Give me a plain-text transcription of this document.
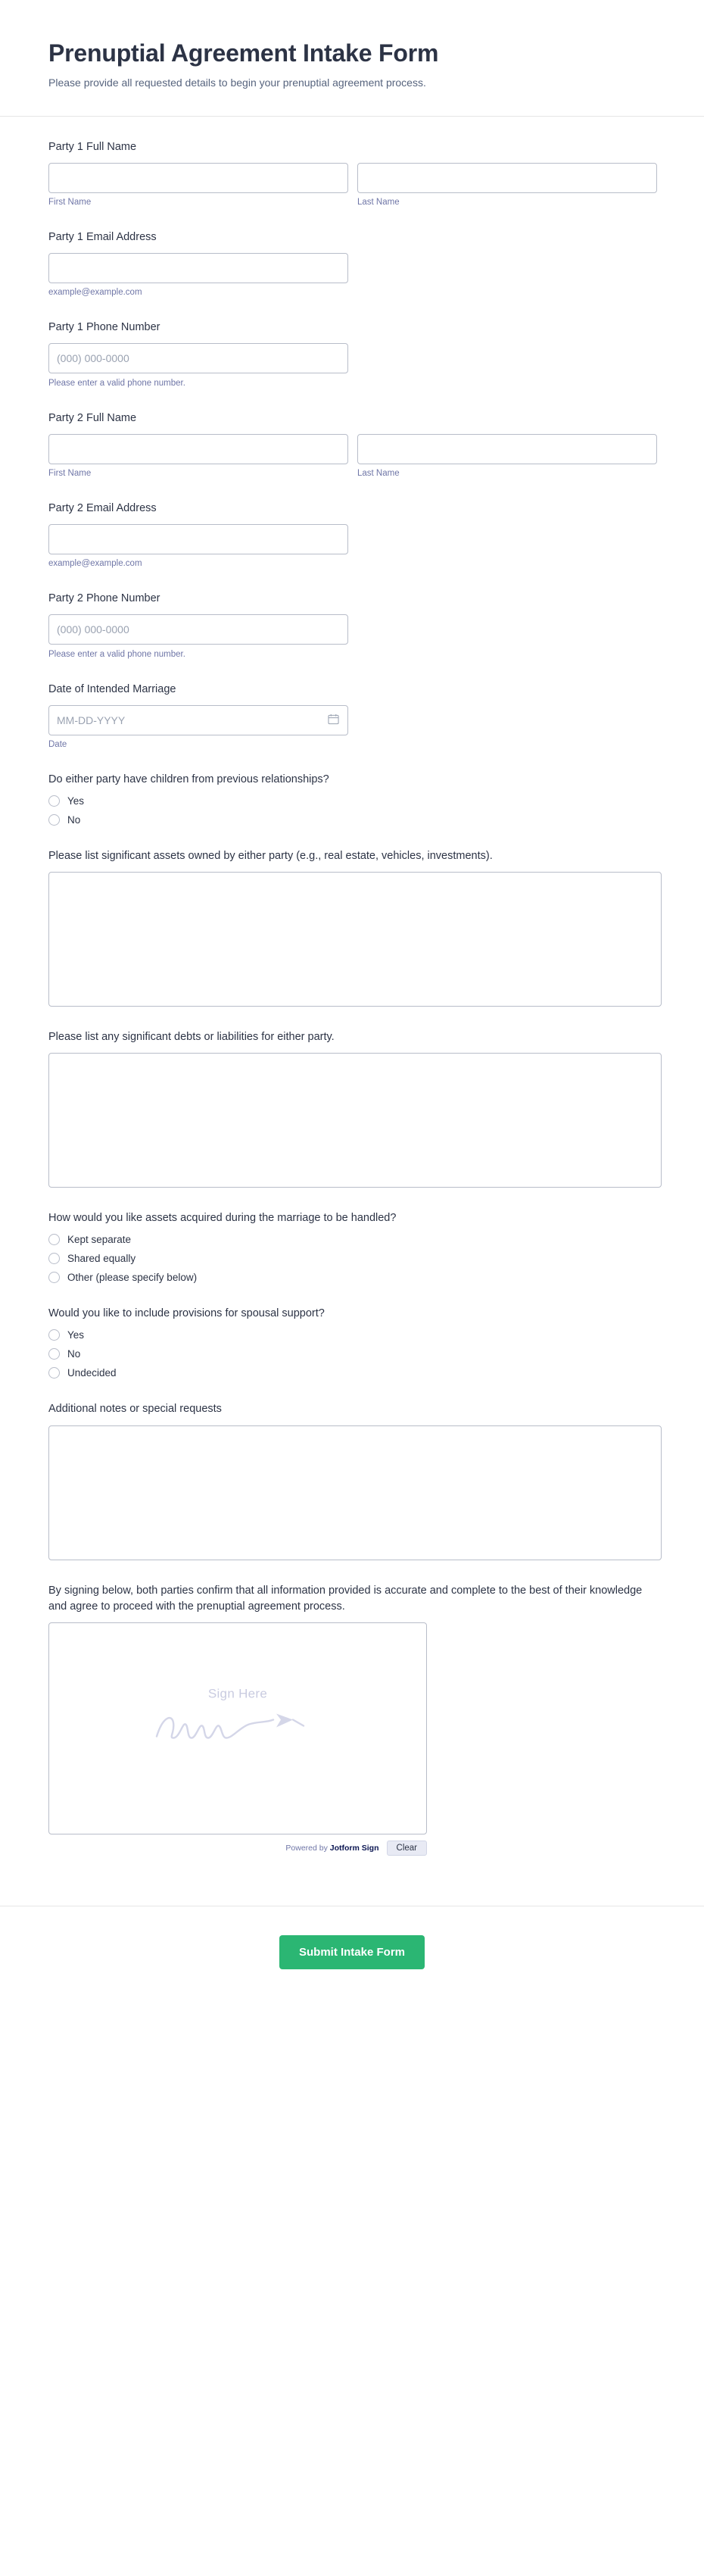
Prenuptial Agreement Intake Form

Please provide all requested details to begin your prenuptial agreement process.

Party 1 Full Name
First Name	Last Name
Party 1 Email Address
example@example.com
Party 1 Phone Number
(000) 000-0000
Please enter a valid phone number.
Party 2 Full Name
First Name	Last Name
Party 2 Email Address
example@example.com
Party 2 Phone Number
(000) 000-0000
Please enter a valid phone number.
Date of Intended Marriage
MM-DD-YYYY
Date
Do either party have children from previous relationships?
Yes
No
Please list significant assets owned by either party (e.g., real estate, vehicles, investments).
Please list any significant debts or liabilities for either party.
How would you like assets acquired during the marriage to be handled?
Kept separate
Shared equally
Other (please specify below)
Would you like to include provisions for spousal support?
Yes
No
Undecided
Additional notes or special requests
By signing below, both parties confirm that all information provided is accurate and complete to the best of their knowledge and agree to proceed with the prenuptial agreement process.
Sign Here
Powered by Jotform Sign	Clear
Submit Intake Form
